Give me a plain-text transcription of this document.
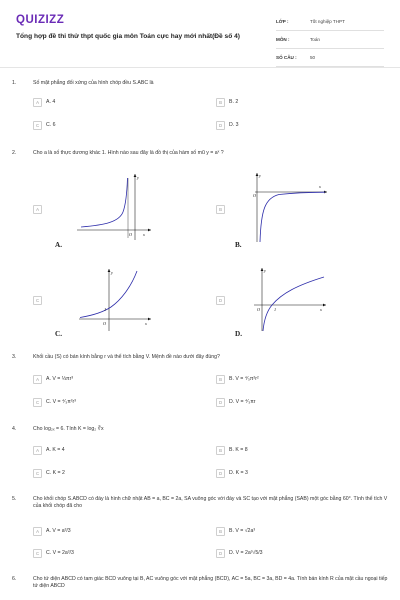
QUIZIZZ
Tổng hợp đề thi thử thpt quốc gia môn Toán cực hay mới nhất(Đề số 4)
LỚP :	Tốt nghiệp THPT
MÔN :	Toán
SỐ CÂU :	50
1.	Số mặt phẳng đối xứng của hình chóp đều S.ABC là
A	A. 4	B	B. 2
C	C. 6	D	D. 3
2.	Cho a là số thực dương khác 1. Hình nào sau đây là đồ thị của hàm số mũ y = aˣ ?
A	B
C	D
O	x
y
A.
O
x
y
B.
1
O	x
y
C.
O	1	x
y
D.
3.	Khối cầu (S) có bán kính bằng r và thể tích bằng V. Mệnh đề nào dưới đây đúng?
A	A. V = ⅓πr³	B	B. V = ⁴⁄₃π²r²
C	C. V = ⁴⁄₃π²r³	D	D. V = ⁴⁄₃πr
4.	Cho log₂ₓ = 6. Tính K = log₂ ∛x
A	A. K = 4	B	B. K = 8
C	C. K = 2	D	D. K = 3
5.	Cho khối chóp S.ABCD có đáy là hình chữ nhật AB = a, BC = 2a, SA vuông góc với đáy và SC tạo với mặt phẳng (SAB) một góc bằng 60°. Tính thể tích V của khối chóp đã cho
A	A. V = a³/3	B	B. V = √2a³
C	C. V = 2a³/3	D	D. V = 2a³√5/3
6.	Cho tứ diện ABCD có tam giác BCD vuông tại B, AC vuông góc với mặt phẳng (BCD), AC = 5a, BC = 3a, BD = 4a. Tính bán kính R của mặt cầu ngoại tiếp tứ diện ABCD
